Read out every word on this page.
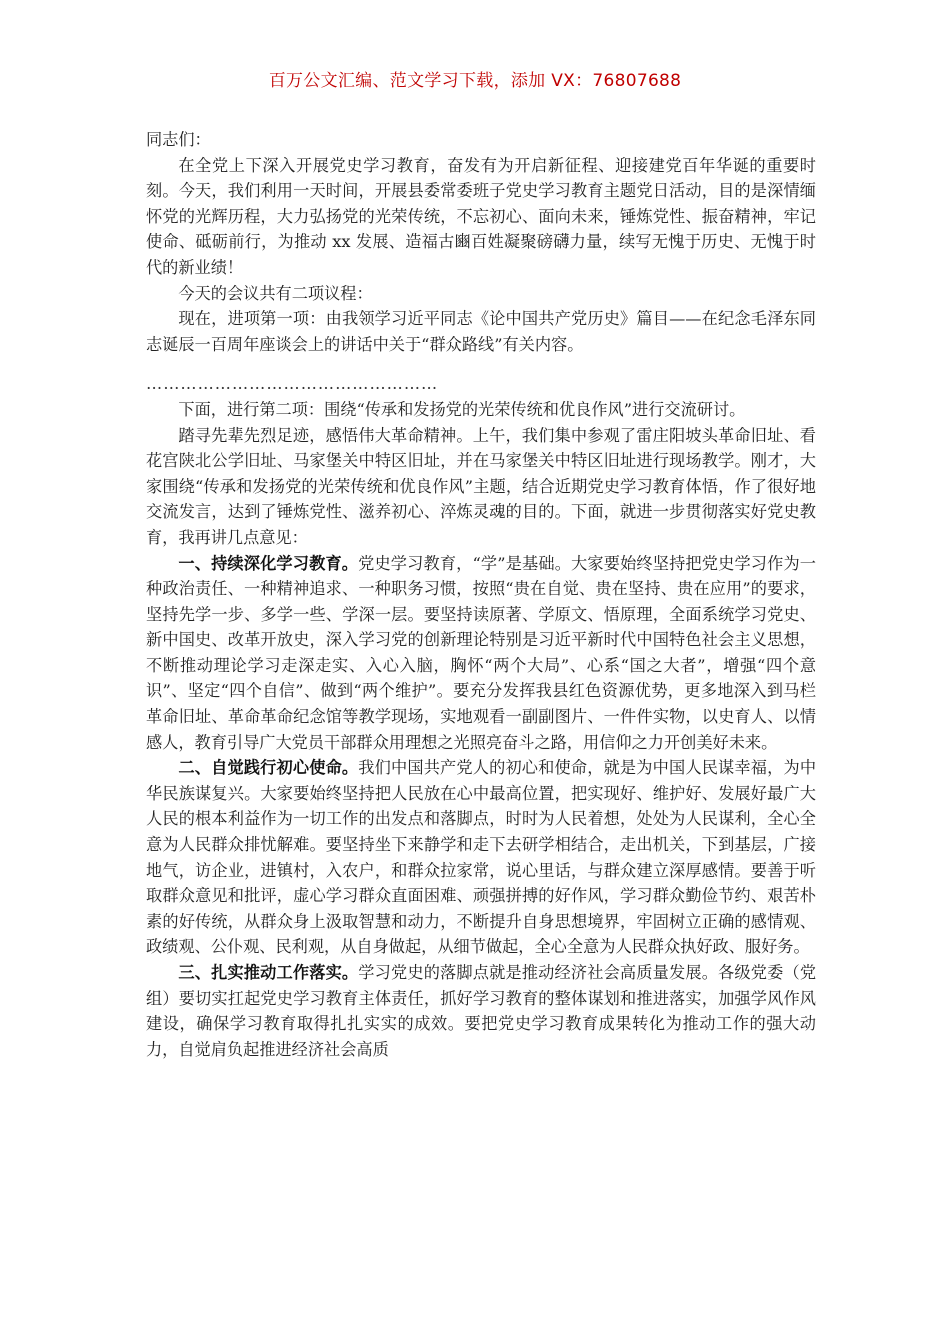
百万公文汇编、范文学习下载，添加 VX：76807688

同志们：

在全党上下深入开展党史学习教育，奋发有为开启新征程、迎接建党百年华诞的重要时刻。今天，我们利用一天时间，开展县委常委班子党史学习教育主题党日活动，目的是深情缅怀党的光辉历程，大力弘扬党的光荣传统，不忘初心、面向未来，锤炼党性、振奋精神，牢记使命、砥砺前行，为推动 xx 发展、造福古豳百姓凝聚磅礴力量，续写无愧于历史、无愧于时代的新业绩！

今天的会议共有二项议程：

现在，进项第一项：由我领学习近平同志《论中国共产党历史》篇目——在纪念毛泽东同志诞辰一百周年座谈会上的讲话中关于“群众路线”有关内容。

……………………………………………

下面，进行第二项：围绕“传承和发扬党的光荣传统和优良作风”进行交流研讨。

踏寻先辈先烈足迹，感悟伟大革命精神。上午，我们集中参观了雷庄阳坡头革命旧址、看花宫陕北公学旧址、马家堡关中特区旧址，并在马家堡关中特区旧址进行现场教学。刚才，大家围绕“传承和发扬党的光荣传统和优良作风”主题，结合近期党史学习教育体悟，作了很好地交流发言，达到了锤炼党性、滋养初心、淬炼灵魂的目的。下面，就进一步贯彻落实好党史教育，我再讲几点意见：

一、持续深化学习教育。党史学习教育，“学”是基础。大家要始终坚持把党史学习作为一种政治责任、一种精神追求、一种职务习惯，按照“贵在自觉、贵在坚持、贵在应用”的要求，坚持先学一步、多学一些、学深一层。要坚持读原著、学原文、悟原理，全面系统学习党史、新中国史、改革开放史，深入学习党的创新理论特别是习近平新时代中国特色社会主义思想，不断推动理论学习走深走实、入心入脑，胸怀“两个大局”、心系“国之大者”，增强“四个意识”、坚定“四个自信”、做到“两个维护”。要充分发挥我县红色资源优势，更多地深入到马栏革命旧址、革命革命纪念馆等教学现场，实地观看一副副图片、一件件实物，以史育人、以情感人，教育引导广大党员干部群众用理想之光照亮奋斗之路，用信仰之力开创美好未来。

二、自觉践行初心使命。我们中国共产党人的初心和使命，就是为中国人民谋幸福，为中华民族谋复兴。大家要始终坚持把人民放在心中最高位置，把实现好、维护好、发展好最广大人民的根本利益作为一切工作的出发点和落脚点，时时为人民着想，处处为人民谋利，全心全意为人民群众排忧解难。要坚持坐下来静学和走下去研学相结合，走出机关，下到基层，广接地气，访企业，进镇村，入农户，和群众拉家常，说心里话，与群众建立深厚感情。要善于听取群众意见和批评，虚心学习群众直面困难、顽强拼搏的好作风，学习群众勤俭节约、艰苦朴素的好传统，从群众身上汲取智慧和动力，不断提升自身思想境界，牢固树立正确的感情观、政绩观、公仆观、民利观，从自身做起，从细节做起，全心全意为人民群众执好政、服好务。

三、扎实推动工作落实。学习党史的落脚点就是推动经济社会高质量发展。各级党委（党组）要切实扛起党史学习教育主体责任，抓好学习教育的整体谋划和推进落实，加强学风作风建设，确保学习教育取得扎扎实实的成效。要把党史学习教育成果转化为推动工作的强大动力，自觉肩负起推进经济社会高质
